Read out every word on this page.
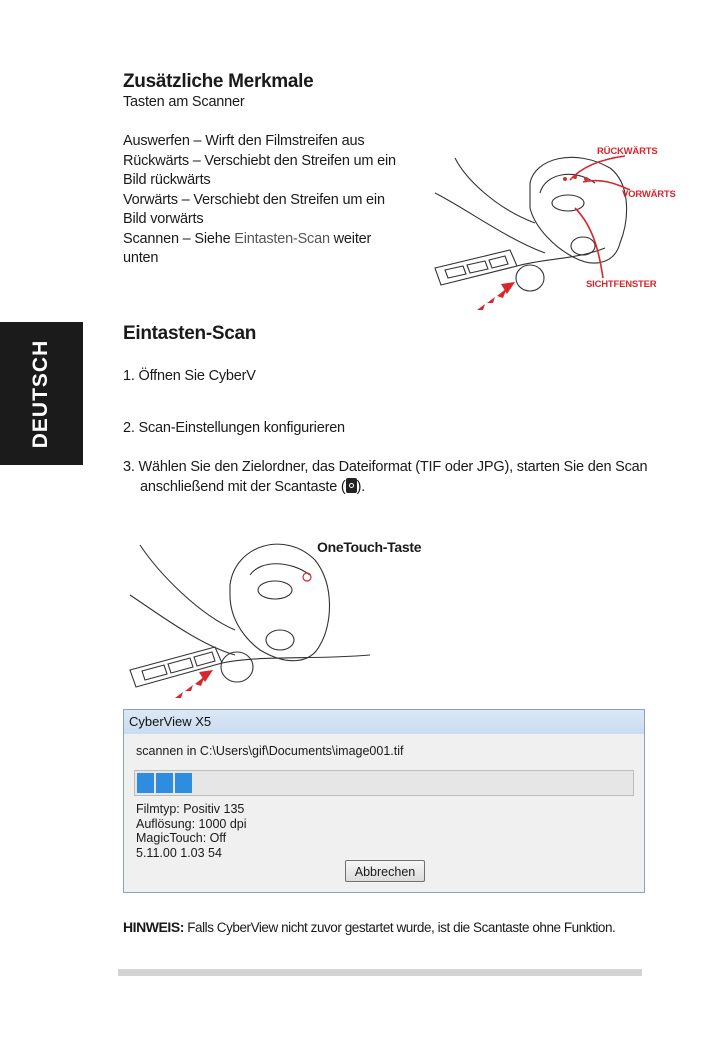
Zusätzliche Merkmale
Tasten am Scanner
Auswerfen – Wirft den Filmstreifen aus
Rückwärts – Verschiebt den Streifen um ein
Bild rückwärts
Vorwärts – Verschiebt den Streifen um ein
Bild vorwärts
Scannen – Siehe Eintasten-Scan weiter
unten
RÜCKWÄRTS
VORWÄRTS
SICHTFENSTER
DEUTSCH
Eintasten-Scan
1. Öffnen Sie CyberV
2. Scan-Einstellungen konfigurieren
3. Wählen Sie den Zielordner, das Dateiformat (TIF oder JPG), starten Sie den Scan
anschließend mit der Scantaste ( ).
OneTouch-Taste
CyberView X5
scannen in C:\Users\gif\Documents\image001.tif
Filmtyp: Positiv 135
Auflösung: 1000 dpi
MagicTouch: Off
5.11.00 1.03 54
Abbrechen
HINWEIS: Falls CyberView nicht zuvor gestartet wurde, ist die Scantaste ohne Funktion.
